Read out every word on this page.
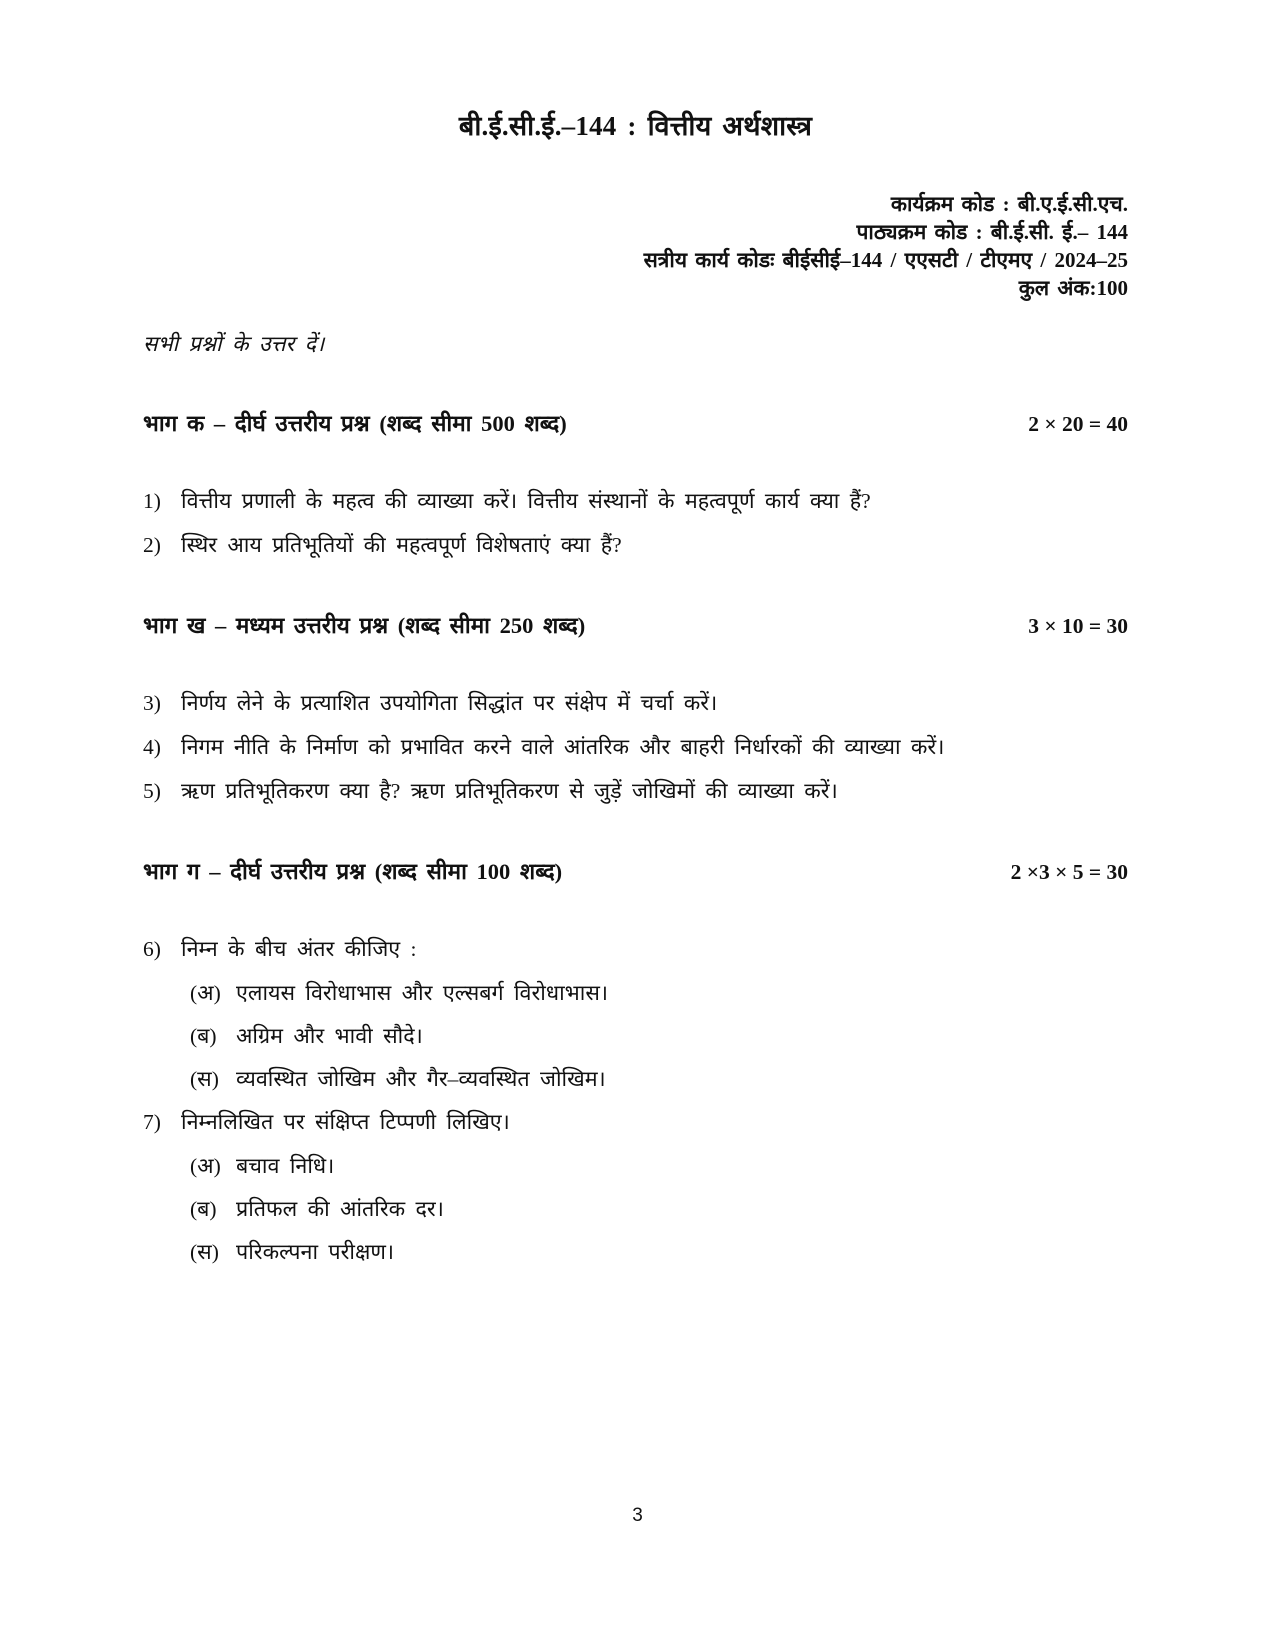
बी.ई.सी.ई.–144 : वित्तीय अर्थशास्त्र
कार्यक्रम कोड : बी.ए.ई.सी.एच.
पाठ्यक्रम कोड : बी.ई.सी. ई.– 144
सत्रीय कार्य कोडः बीईसीई–144 / एएसटी / टीएमए / 2024–25
कुल अंक:100
सभी प्रश्नों के उत्तर दें।
भाग क – दीर्घ उत्तरीय प्रश्न (शब्द सीमा 500 शब्द)	2 × 20 = 40
1) वित्तीय प्रणाली के महत्व की व्याख्या करें। वित्तीय संस्थानों के महत्वपूर्ण कार्य क्या हैं?
2) स्थिर आय प्रतिभूतियों की महत्वपूर्ण विशेषताएं क्या हैं?
भाग ख – मध्यम उत्तरीय प्रश्न (शब्द सीमा 250 शब्द)	3 × 10 = 30
3) निर्णय लेने के प्रत्याशित उपयोगिता सिद्धांत पर संक्षेप में चर्चा करें।
4) निगम नीति के निर्माण को प्रभावित करने वाले आंतरिक और बाहरी निर्धारकों की व्याख्या करें।
5) ऋण प्रतिभूतिकरण क्या है? ऋण प्रतिभूतिकरण से जुड़ें जोखिमों की व्याख्या करें।
भाग ग – दीर्घ उत्तरीय प्रश्न (शब्द सीमा 100 शब्द)	2 ×3 × 5 = 30
6) निम्न के बीच अंतर कीजिए :
(अ) एलायस विरोधाभास और एल्सबर्ग विरोधाभास।
(ब) अग्रिम और भावी सौदे।
(स) व्यवस्थित जोखिम और गैर–व्यवस्थित जोखिम।
7) निम्नलिखित पर संक्षिप्त टिप्पणी लिखिए।
(अ) बचाव निधि।
(ब) प्रतिफल की आंतरिक दर।
(स) परिकल्पना परीक्षण।
3
